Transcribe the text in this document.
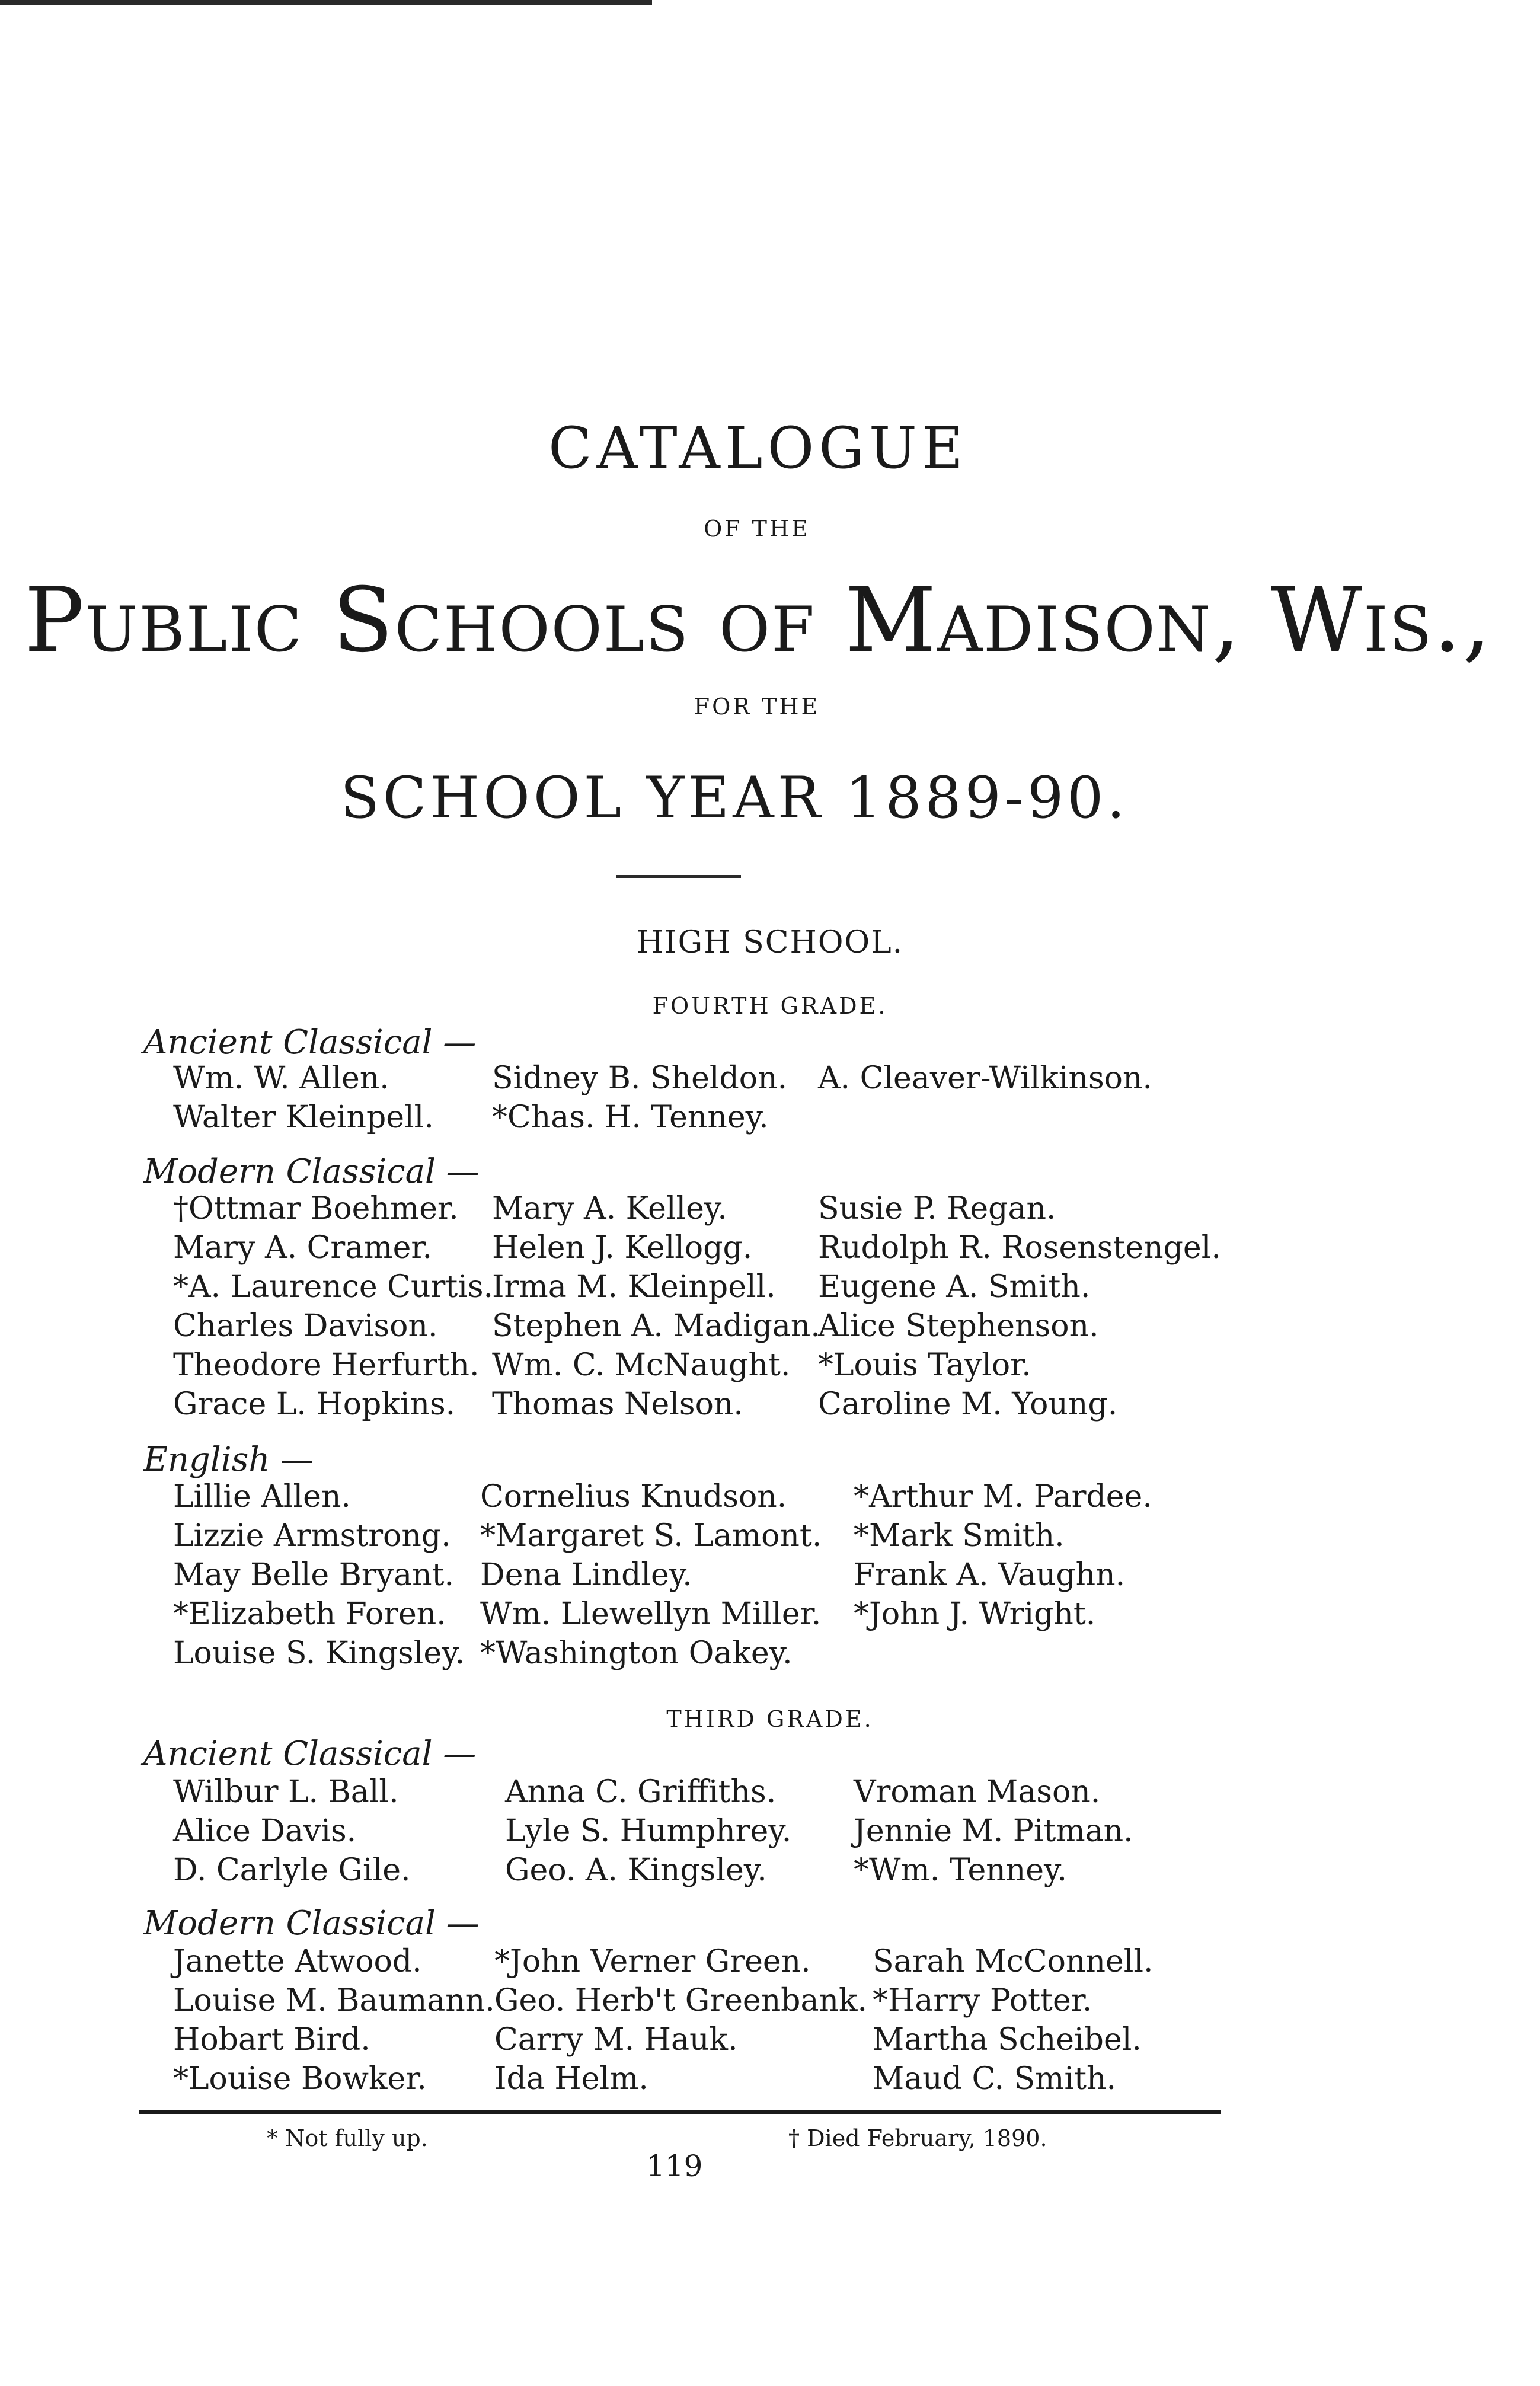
CATALOGUE
OF THE
Public Schools of Madison, Wis.,
FOR THE
SCHOOL YEAR 1889-90.
HIGH SCHOOL.
FOURTH GRADE.
Ancient Classical —
Wm. W. Allen.
Walter Kleinpell.
Sidney B. Sheldon.
*Chas. H. Tenney.
A. Cleaver-Wilkinson.
Modern Classical —
†Ottmar Boehmer.
Mary A. Cramer.
*A. Laurence Curtis.
Charles Davison.
Theodore Herfurth.
Grace L. Hopkins.
Mary A. Kelley.
Helen J. Kellogg.
Irma M. Kleinpell.
Stephen A. Madigan.
Wm. C. McNaught.
Thomas Nelson.
Susie P. Regan.
Rudolph R. Rosenstengel.
Eugene A. Smith.
Alice Stephenson.
*Louis Taylor.
Caroline M. Young.
English —
Lillie Allen.
Lizzie Armstrong.
May Belle Bryant.
*Elizabeth Foren.
Louise S. Kingsley.
Cornelius Knudson.
*Margaret S. Lamont.
Dena Lindley.
Wm. Llewellyn Miller.
*Washington Oakey.
*Arthur M. Pardee.
*Mark Smith.
Frank A. Vaughn.
*John J. Wright.
THIRD GRADE.
Ancient Classical —
Wilbur L. Ball.
Alice Davis.
D. Carlyle Gile.
Anna C. Griffiths.
Lyle S. Humphrey.
Geo. A. Kingsley.
Vroman Mason.
Jennie M. Pitman.
*Wm. Tenney.
Modern Classical —
Janette Atwood.
Louise M. Baumann.
Hobart Bird.
*Louise Bowker.
*John Verner Green.
Geo. Herb't Greenbank.
Carry M. Hauk.
Ida Helm.
Sarah McConnell.
*Harry Potter.
Martha Scheibel.
Maud C. Smith.
* Not fully up.	† Died February, 1890.
119
